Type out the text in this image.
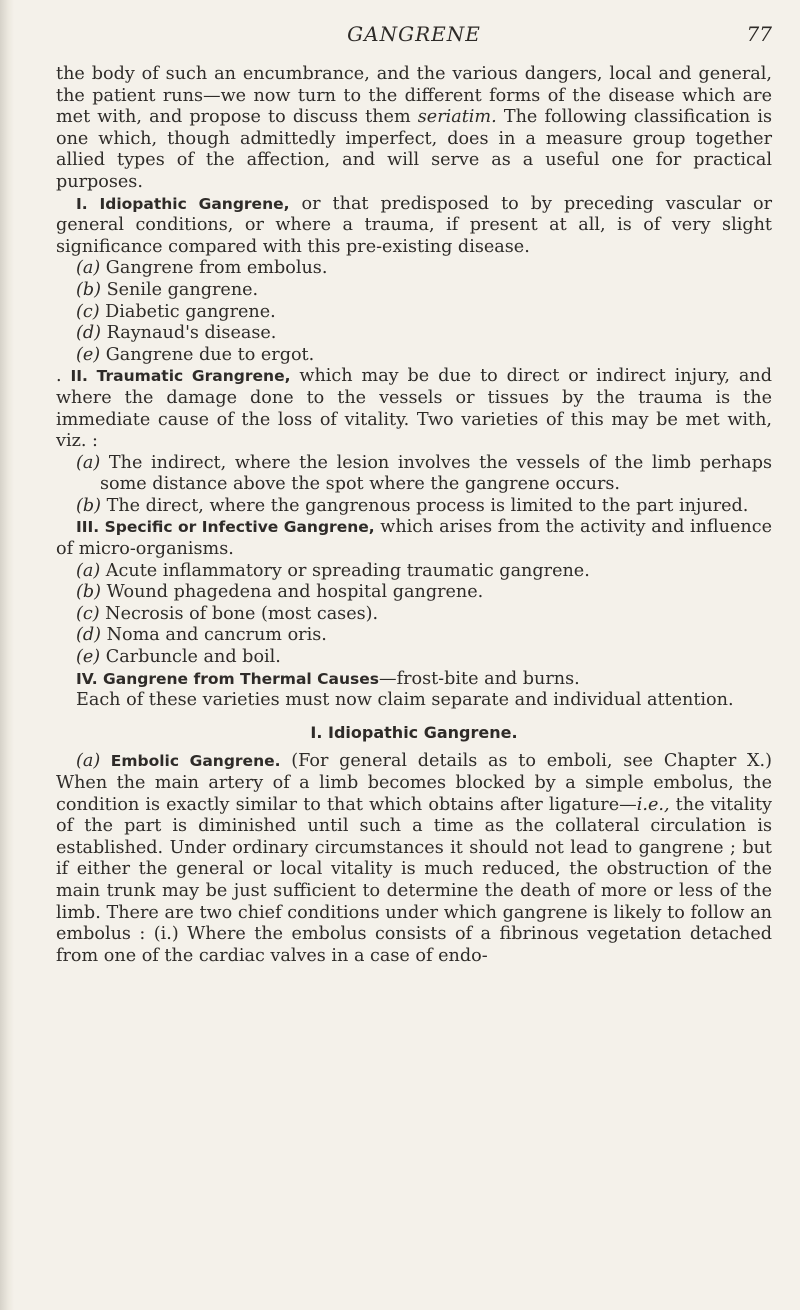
GANGRENE	77

the body of such an encumbrance, and the various dangers, local and general, the patient runs—we now turn to the different forms of the disease which are met with, and propose to discuss them seriatim. The following classification is one which, though admittedly imperfect, does in a measure group together allied types of the affection, and will serve as a useful one for practical purposes.

I. Idiopathic Gangrene, or that predisposed to by preceding vascular or general conditions, or where a trauma, if present at all, is of very slight significance compared with this pre-existing disease.

(a) Gangrene from embolus.

(b) Senile gangrene.

(c) Diabetic gangrene.

(d) Raynaud's disease.

(e) Gangrene due to ergot.

. II. Traumatic Grangrene, which may be due to direct or indirect injury, and where the damage done to the vessels or tissues by the trauma is the immediate cause of the loss of vitality. Two varieties of this may be met with, viz. :

(a) The indirect, where the lesion involves the vessels of the limb perhaps some distance above the spot where the gangrene occurs.

(b) The direct, where the gangrenous process is limited to the part injured.

III. Specific or Infective Gangrene, which arises from the activity and influence of micro-organisms.

(a) Acute inflammatory or spreading traumatic gangrene.

(b) Wound phagedena and hospital gangrene.

(c) Necrosis of bone (most cases).

(d) Noma and cancrum oris.

(e) Carbuncle and boil.

IV. Gangrene from Thermal Causes—frost-bite and burns.

Each of these varieties must now claim separate and individual attention.

I. Idiopathic Gangrene.

(a) Embolic Gangrene. (For general details as to emboli, see Chapter X.) When the main artery of a limb becomes blocked by a simple embolus, the condition is exactly similar to that which obtains after ligature—i.e., the vitality of the part is diminished until such a time as the collateral circulation is established. Under ordinary circumstances it should not lead to gangrene ; but if either the general or local vitality is much reduced, the obstruction of the main trunk may be just sufficient to determine the death of more or less of the limb. There are two chief conditions under which gangrene is likely to follow an embolus : (i.) Where the embolus consists of a fibrinous vegetation detached from one of the cardiac valves in a case of endo-
